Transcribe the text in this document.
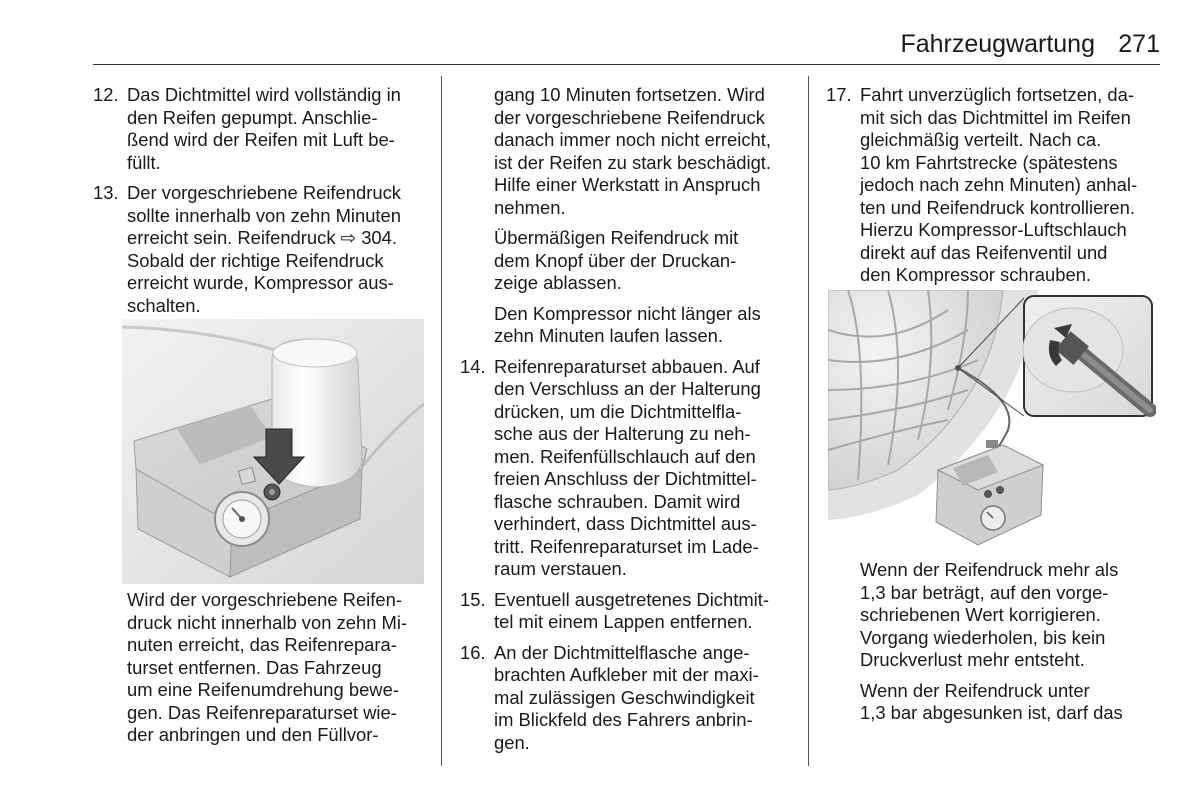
Fahrzeugwartung 271
12. Das Dichtmittel wird vollständig in
den Reifen gepumpt. Anschlie‐
ßend wird der Reifen mit Luft be‐
füllt.
13. Der vorgeschriebene Reifendruck
sollte innerhalb von zehn Minuten
erreicht sein. Reifendruck ⇨ 304.
Sobald der richtige Reifendruck
erreicht wurde, Kompressor aus‐
schalten.
Wird der vorgeschriebene Reifen‐
druck nicht innerhalb von zehn Mi‐
nuten erreicht, das Reifenrepara‐
turset entfernen. Das Fahrzeug
um eine Reifenumdrehung bewe‐
gen. Das Reifenreparaturset wie‐
der anbringen und den Füllvor‐
gang 10 Minuten fortsetzen. Wird
der vorgeschriebene Reifendruck
danach immer noch nicht erreicht,
ist der Reifen zu stark beschädigt.
Hilfe einer Werkstatt in Anspruch
nehmen.
Übermäßigen Reifendruck mit
dem Knopf über der Druckan‐
zeige ablassen.
Den Kompressor nicht länger als
zehn Minuten laufen lassen.
14. Reifenreparaturset abbauen. Auf
den Verschluss an der Halterung
drücken, um die Dichtmittelfla‐
sche aus der Halterung zu neh‐
men. Reifenfüllschlauch auf den
freien Anschluss der Dichtmittel‐
flasche schrauben. Damit wird
verhindert, dass Dichtmittel aus‐
tritt. Reifenreparaturset im Lade‐
raum verstauen.
15. Eventuell ausgetretenes Dichtmit‐
tel mit einem Lappen entfernen.
16. An der Dichtmittelflasche ange‐
brachten Aufkleber mit der maxi‐
mal zulässigen Geschwindigkeit
im Blickfeld des Fahrers anbrin‐
gen.
17. Fahrt unverzüglich fortsetzen, da‐
mit sich das Dichtmittel im Reifen
gleichmäßig verteilt. Nach ca.
10 km Fahrtstrecke (spätestens
jedoch nach zehn Minuten) anhal‐
ten und Reifendruck kontrollieren.
Hierzu Kompressor-Luftschlauch
direkt auf das Reifenventil und
den Kompressor schrauben.
Wenn der Reifendruck mehr als
1,3 bar beträgt, auf den vorge‐
schriebenen Wert korrigieren.
Vorgang wiederholen, bis kein
Druckverlust mehr entsteht.
Wenn der Reifendruck unter
1,3 bar abgesunken ist, darf das
